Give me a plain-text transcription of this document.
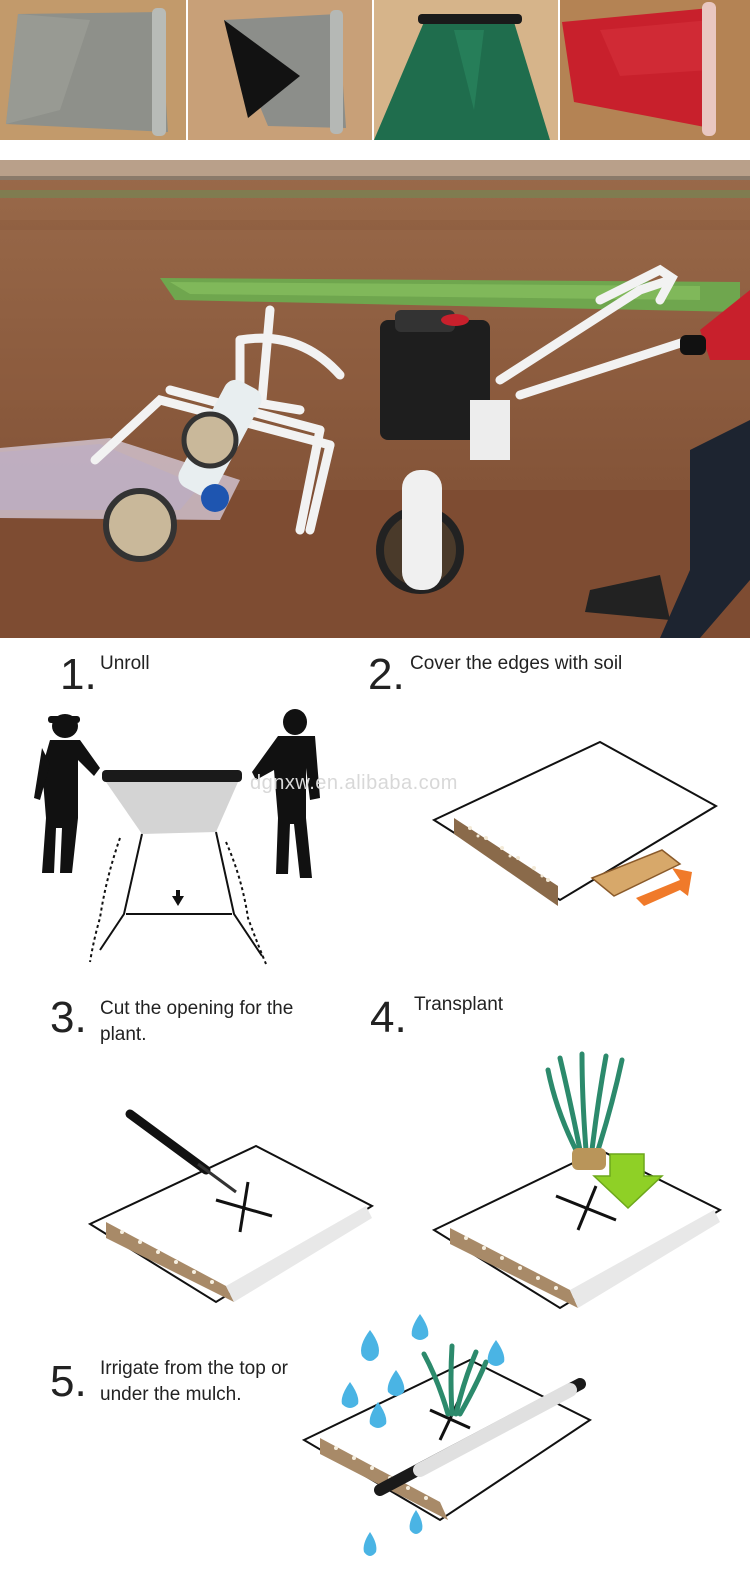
1. Unroll
dgnxw.en.alibaba.com
2. Cover the edges with soil
3. Cut the opening for the plant.	4. Transplant
5. Irrigate from the top or under the mulch.
